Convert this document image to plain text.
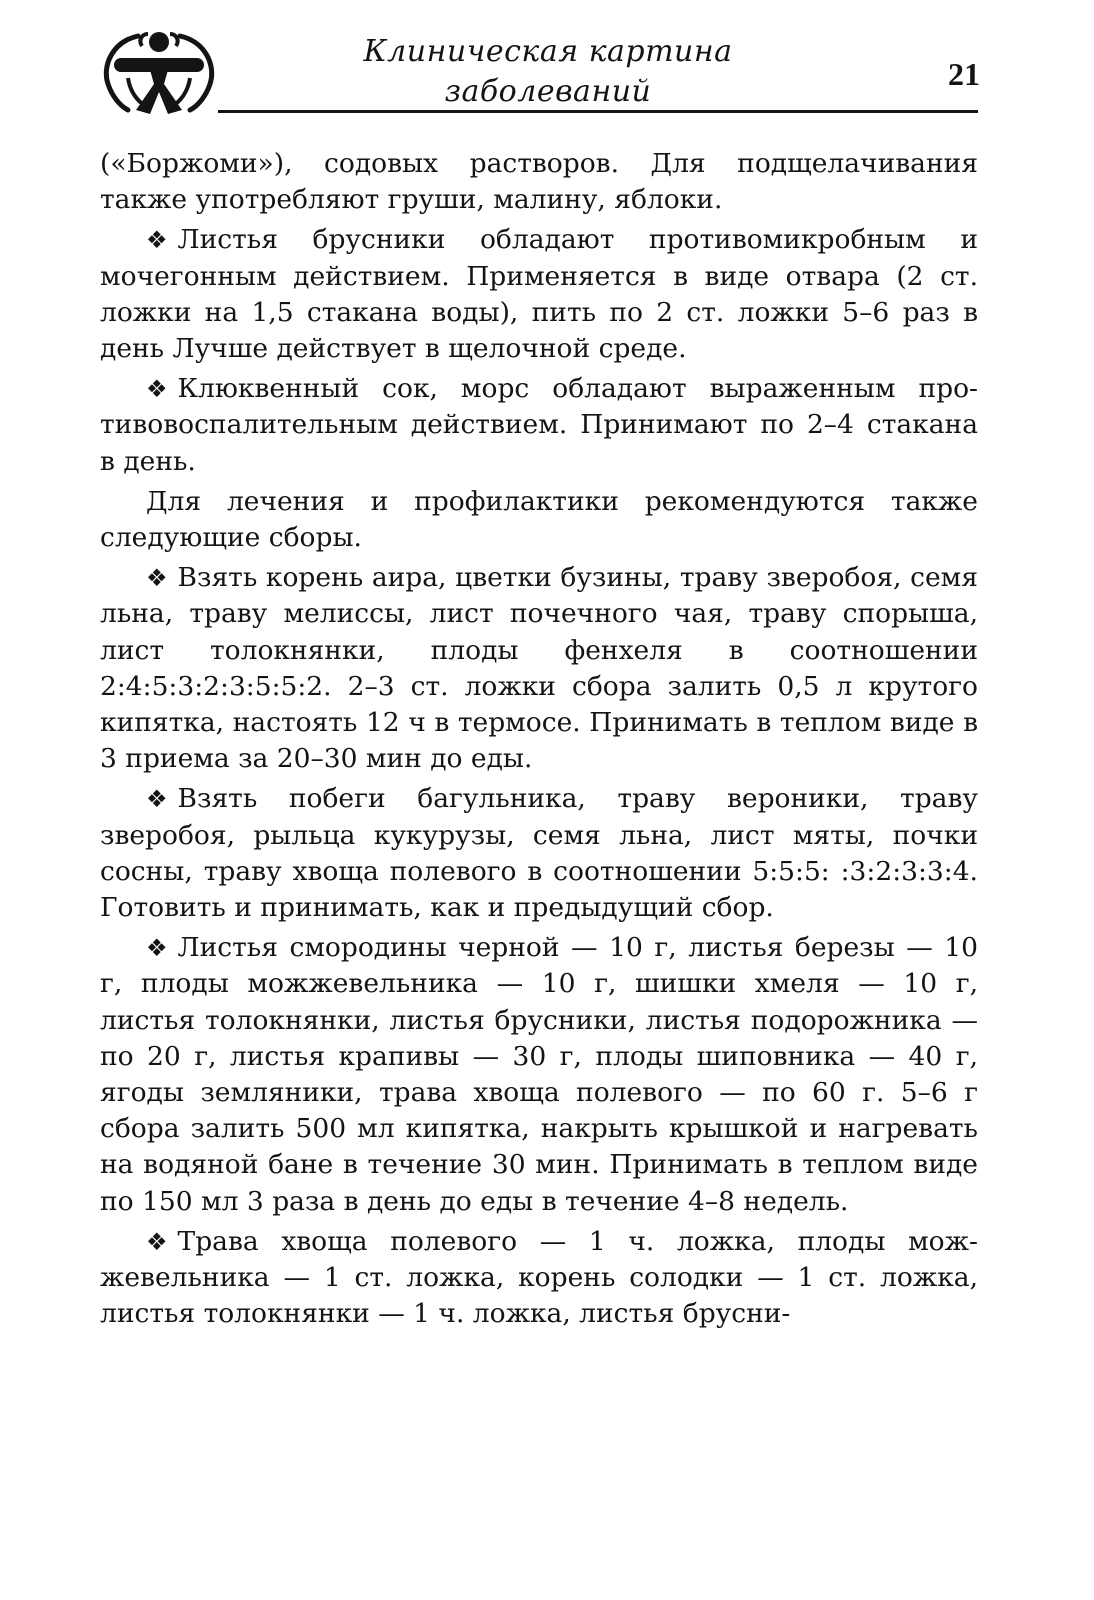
Клиническая картина
заболеваний	21

(«Боржоми»), содовых растворов. Для подщелачивания также употребляют груши, малину, яблоки.

❖ Листья брусники обладают противомикробным и мочегонным действием. Применяется в виде отвара (2 ст. ложки на 1,5 стакана воды), пить по 2 ст. ложки 5–6 раз в день Лучше действует в щелочной среде.

❖ Клюквенный сок, морс обладают выраженным противовоспалительным действием. Принимают по 2–4 стакана в день.

Для лечения и профилактики рекомендуются также следующие сборы.

❖ Взять корень аира, цветки бузины, траву зверобоя, семя льна, траву мелиссы, лист почечного чая, траву спорыша, лист толокнянки, плоды фенхеля в соотношении 2:4:5:3:2:3:5:5:2. 2–3 ст. ложки сбора залить 0,5 л крутого кипятка, настоять 12 ч в термосе. Принимать в теплом виде в 3 приема за 20–30 мин до еды.

❖ Взять побеги багульника, траву вероники, траву зверобоя, рыльца кукурузы, семя льна, лист мяты, почки сосны, траву хвоща полевого в соотношении 5:5:5: :3:2:3:3:4. Готовить и принимать, как и предыдущий сбор.

❖ Листья смородины черной — 10 г, листья березы — 10 г, плоды можжевельника — 10 г, шишки хмеля — 10 г, листья толокнянки, листья брусники, листья подорожника — по 20 г, листья крапивы — 30 г, плоды шиповника — 40 г, ягоды земляники, трава хвоща полевого — по 60 г. 5–6 г сбора залить 500 мл кипятка, накрыть крышкой и нагревать на водяной бане в течение 30 мин. Принимать в теплом виде по 150 мл 3 раза в день до еды в течение 4–8 недель.

❖ Трава хвоща полевого — 1 ч. ложка, плоды можжевельника — 1 ст. ложка, корень солодки — 1 ст. ложка, листья толокнянки — 1 ч. ложка, листья брусни-
